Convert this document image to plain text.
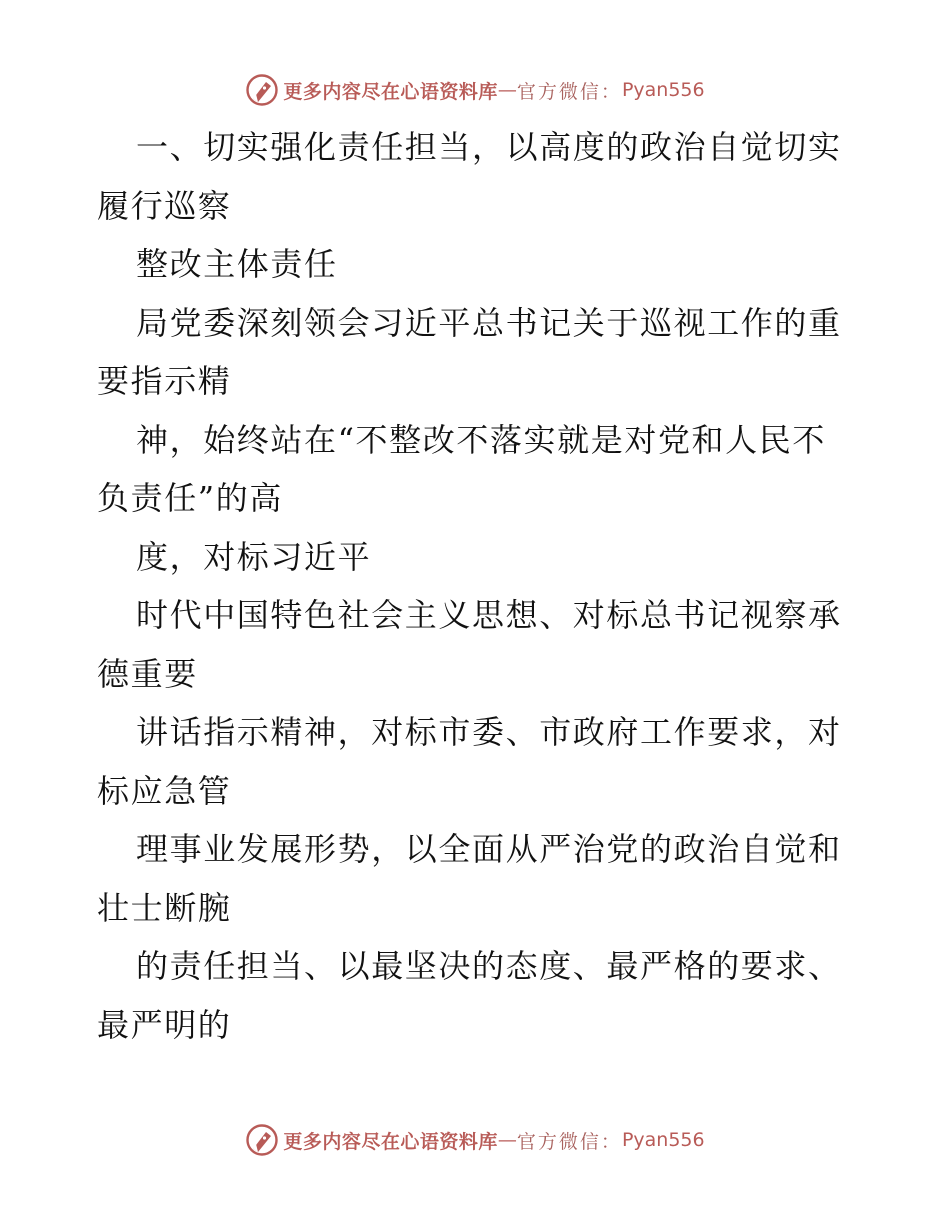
更多内容尽在心语资料库 — 官方微信： Pyan556

一、切实强化责任担当，以高度的政治自觉切实履行巡察

整改主体责任

局党委深刻领会习近平总书记关于巡视工作的重要指示精

神，始终站在“不整改不落实就是对党和人民不负责任”的高

度，对标习近平

时代中国特色社会主义思想、对标总书记视察承德重要

讲话指示精神，对标市委、市政府工作要求，对标应急管

理事业发展形势，以全面从严治党的政治自觉和壮士断腕

的责任担当、以最坚决的态度、最严格的要求、最严明的

更多内容尽在心语资料库 — 官方微信： Pyan556
